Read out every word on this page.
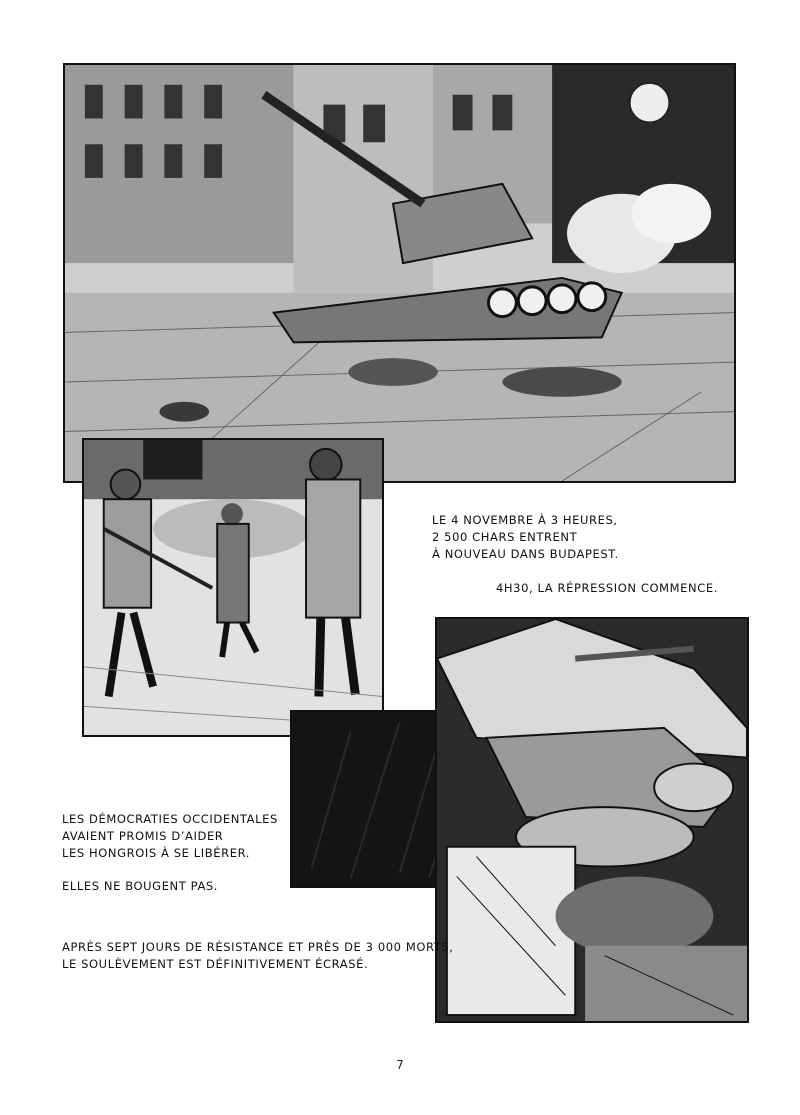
LE 4 NOVEMBRE À 3 HEURES,
2 500 CHARS ENTRENT
À NOUVEAU DANS BUDAPEST.
4H30, LA RÉPRESSION COMMENCE.
LES DÉMOCRATIES OCCIDENTALES
AVAIENT PROMIS D’AIDER
LES HONGROIS À SE LIBÉRER.
ELLES NE BOUGENT PAS.
APRÈS SEPT JOURS DE RÉSISTANCE ET PRÈS DE 3 000 MORTS,
LE SOULÈVEMENT EST DÉFINITIVEMENT ÉCRASÉ.
7
